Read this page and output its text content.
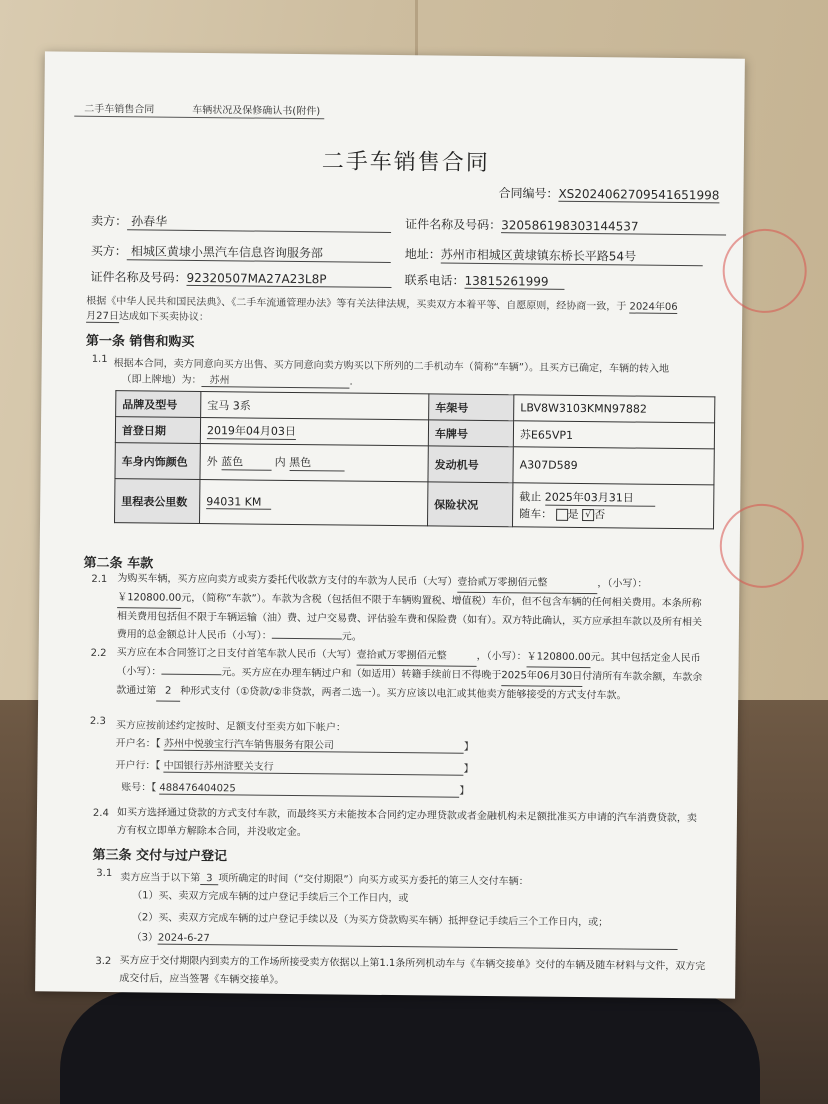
二手车销售合同	车辆状况及保修确认书(附件)
二手车销售合同
合同编号：XS2024062709541651998
卖方： 孙春华	证件名称及号码：320586198303144537
买方： 相城区黄埭小黑汽车信息咨询服务部	地址：苏州市相城区黄埭镇东桥长平路54号
证件名称及号码：92320507MA27A23L8P	联系电话：13815261999
根据《中华人民共和国民法典》、《二手车流通管理办法》等有关法律法规，买卖双方本着平等、自愿原则，经协商一致，于 2024年06
月27日达成如下买卖协议：
第一条 销售和购买
1.1 根据本合同，卖方同意向买方出售、买方同意向卖方购买以下所列的二手机动车（简称“车辆”）。且买方已确定，车辆的转入地
（即上牌地）为： 苏州	.
品牌及型号	宝马 3系	车架号	LBV8W3103KMN97882
首登日期	2019年04月03日	车牌号	苏E65VP1
车身内饰颜色	外 蓝色 内 黑色	发动机号	A307D589
里程表公里数	94031 KM	保险状况	截止 2025年03月31日
随车： 是 √ 否
第二条 车款
2.1 为购买车辆，买方应向卖方或卖方委托代收款方支付的车款为人民币（大写）壹拾贰万零捌佰元整	，（小写）：￥120800.00元，（简称“车款”）。车款为含税（包括但不限于车辆购置税、增值税）车价，但不包含车辆的任何相关费用。本条所称相关费用包括但不限于车辆运输（油）费、过户交易费、评估验车费和保险费（如有）。双方特此确认，买方应承担车款以及所有相关费用的总金额总计人民币（小写）：	元。
2.2 买方应在本合同签订之日支付首笔车款人民币（大写）壹拾贰万零捌佰元整	，（小写）：￥120800.00元。其中包括定金人民币（小写）：	元。买方应在办理车辆过户和（如适用）转籍手续前日不得晚于2025年06月30日付清所有车款余额，车款余款通过第 2 种形式支付（①贷款/②非贷款，两者二选一）。买方应该以电汇或其他卖方能够接受的方式支付车款。
2.3 买方应按前述约定按时、足额支付至卖方如下帐户：
开户名：【 苏州中悦骏宝行汽车销售服务有限公司	】
开户行：【 中国银行苏州浒墅关支行	】
账号：【 488476404025	】
2.4 如买方选择通过贷款的方式支付车款，而最终买方未能按本合同约定办理贷款或者金融机构未足额批准买方申请的汽车消费贷款，卖方有权立即单方解除本合同，并没收定金。
第三条 交付与过户登记
3.1 卖方应当于以下第 3 项所确定的时间（“交付期限”）向买方或买方委托的第三人交付车辆：
（1）买、卖双方完成车辆的过户登记手续后三个工作日内，或
（2）买、卖双方完成车辆的过户登记手续以及（为买方贷款购买车辆）抵押登记手续后三个工作日内，或；
（3）2024-6-27
3.2 买方应于交付期限内到卖方的工作场所接受卖方依据以上第1.1条所列机动车与《车辆交接单》交付的车辆及随车材料与文件，双方完成交付后，应当签署《车辆交接单》。
